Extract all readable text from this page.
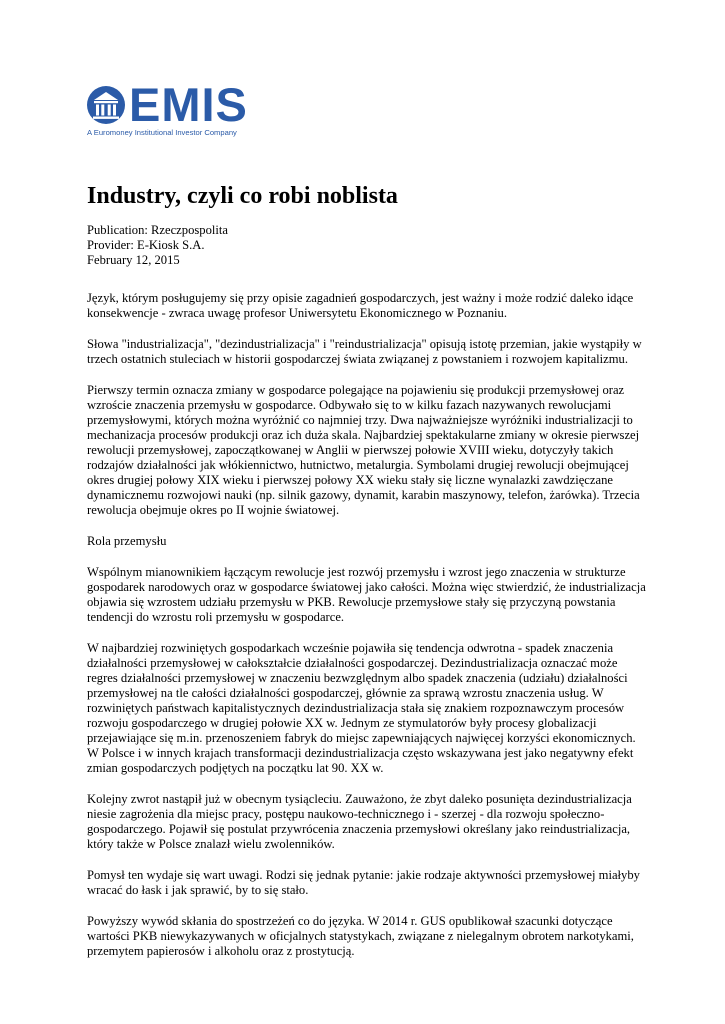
EMIS
A Euromoney Institutional Investor Company
Industry, czyli co robi noblista
Publication: Rzeczpospolita
Provider: E-Kiosk S.A.
February 12, 2015

Język, którym posługujemy się przy opisie zagadnień gospodarczych, jest ważny i może rodzić daleko idące konsekwencje - zwraca uwagę profesor Uniwersytetu Ekonomicznego w Poznaniu.

Słowa "industrializacja", "dezindustrializacja" i "reindustrializacja" opisują istotę przemian, jakie wystąpiły w trzech ostatnich stuleciach w historii gospodarczej świata związanej z powstaniem i rozwojem kapitalizmu.

Pierwszy termin oznacza zmiany w gospodarce polegające na pojawieniu się produkcji przemysłowej oraz wzroście znaczenia przemysłu w gospodarce. Odbywało się to w kilku fazach nazywanych rewolucjami przemysłowymi, których można wyróżnić co najmniej trzy. Dwa najważniejsze wyróżniki industrializacji to mechanizacja procesów produkcji oraz ich duża skala. Najbardziej spektakularne zmiany w okresie pierwszej rewolucji przemysłowej, zapoczątkowanej w Anglii w pierwszej połowie XVIII wieku, dotyczyły takich rodzajów działalności jak włókiennictwo, hutnictwo, metalurgia. Symbolami drugiej rewolucji obejmującej okres drugiej połowy XIX wieku i pierwszej połowy XX wieku stały się liczne wynalazki zawdzięczane dynamicznemu rozwojowi nauki (np. silnik gazowy, dynamit, karabin maszynowy, telefon, żarówka). Trzecia rewolucja obejmuje okres po II wojnie światowej.

Rola przemysłu

Wspólnym mianownikiem łączącym rewolucje jest rozwój przemysłu i wzrost jego znaczenia w strukturze gospodarek narodowych oraz w gospodarce światowej jako całości. Można więc stwierdzić, że industrializacja objawia się wzrostem udziału przemysłu w PKB. Rewolucje przemysłowe stały się przyczyną powstania tendencji do wzrostu roli przemysłu w gospodarce.

W najbardziej rozwiniętych gospodarkach wcześnie pojawiła się tendencja odwrotna - spadek znaczenia działalności przemysłowej w całokształcie działalności gospodarczej. Dezindustrializacja oznaczać może regres działalności przemysłowej w znaczeniu bezwzględnym albo spadek znaczenia (udziału) działalności przemysłowej na tle całości działalności gospodarczej, głównie za sprawą wzrostu znaczenia usług. W rozwiniętych państwach kapitalistycznych dezindustrializacja stała się znakiem rozpoznawczym procesów rozwoju gospodarczego w drugiej połowie XX w. Jednym ze stymulatorów były procesy globalizacji przejawiające się m.in. przenoszeniem fabryk do miejsc zapewniających najwięcej korzyści ekonomicznych. W Polsce i w innych krajach transformacji dezindustrializacja często wskazywana jest jako negatywny efekt zmian gospodarczych podjętych na początku lat 90. XX w.

Kolejny zwrot nastąpił już w obecnym tysiącleciu. Zauważono, że zbyt daleko posunięta dezindustrializacja niesie zagrożenia dla miejsc pracy, postępu naukowo-technicznego i - szerzej - dla rozwoju społeczno-gospodarczego. Pojawił się postulat przywrócenia znaczenia przemysłowi określany jako reindustrializacja, który także w Polsce znalazł wielu zwolenników.

Pomysł ten wydaje się wart uwagi. Rodzi się jednak pytanie: jakie rodzaje aktywności przemysłowej miałyby wracać do łask i jak sprawić, by to się stało.

Powyższy wywód skłania do spostrzeżeń co do języka. W 2014 r. GUS opublikował szacunki dotyczące wartości PKB niewykazywanych w oficjalnych statystykach, związane z nielegalnym obrotem narkotykami, przemytem papierosów i alkoholu oraz z prostytucją.
